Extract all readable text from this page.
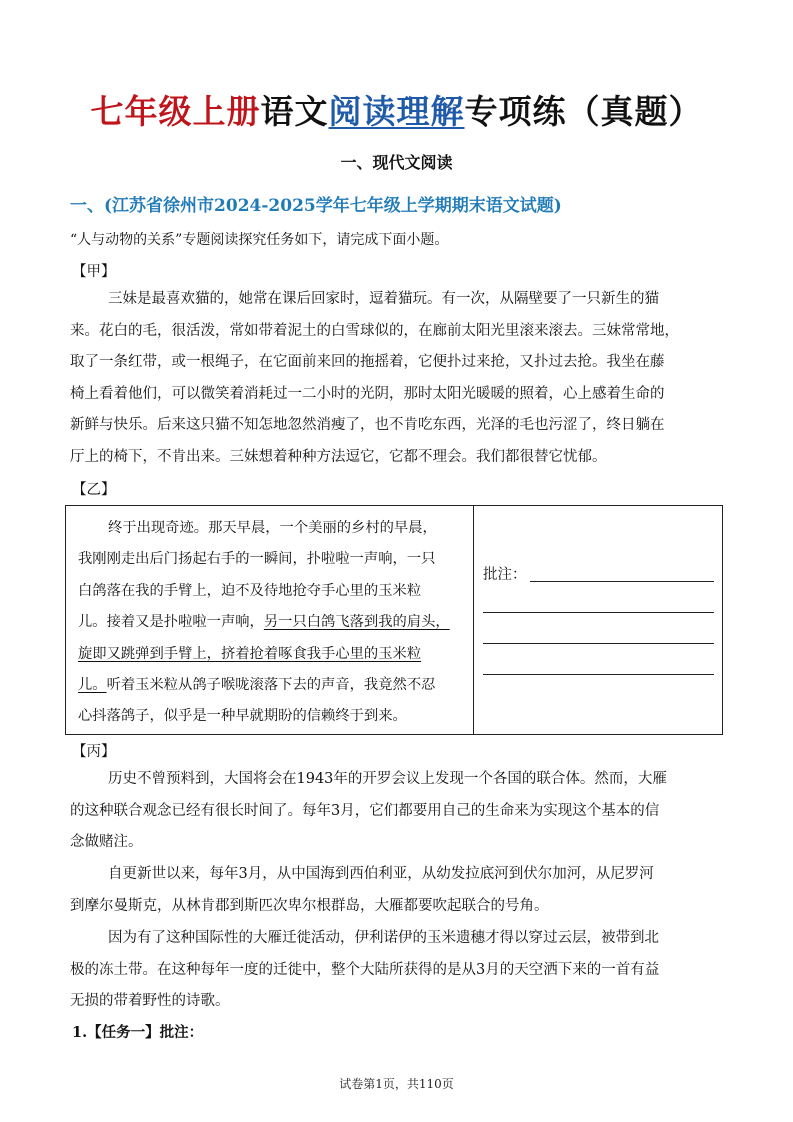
七年级上册语文阅读理解专项练（真题）
一、现代文阅读
一、(江苏省徐州市2024-2025学年七年级上学期期末语文试题)
“人与动物的关系”专题阅读探究任务如下，请完成下面小题。
【甲】
三妹是最喜欢猫的，她常在课后回家时，逗着猫玩。有一次，从隔壁要了一只新生的猫
来。花白的毛，很活泼，常如带着泥土的白雪球似的，在廊前太阳光里滚来滚去。三妹常常地，
取了一条红带，或一根绳子，在它面前来回的拖摇着，它便扑过来抢，又扑过去抢。我坐在藤
椅上看着他们，可以微笑着消耗过一二小时的光阴，那时太阳光暖暖的照着，心上感着生命的
新鲜与快乐。后来这只猫不知怎地忽然消瘦了，也不肯吃东西，光泽的毛也污涩了，终日躺在
厅上的椅下，不肯出来。三妹想着种种方法逗它，它都不理会。我们都很替它忧郁。
【乙】
终于出现奇迹。那天早晨，一个美丽的乡村的早晨，
我刚刚走出后门扬起右手的一瞬间，扑啦啦一声响，一只
白鸽落在我的手臂上，迫不及待地抢夺手心里的玉米粒
儿。接着又是扑啦啦一声响，另一只白鸽飞落到我的肩头，
旋即又跳弹到手臂上，挤着抢着啄食我手心里的玉米粒
儿。听着玉米粒从鸽子喉咙滚落下去的声音，我竟然不忍
心抖落鸽子，似乎是一种早就期盼的信赖终于到来。
批注：
【丙】
历史不曾预料到，大国将会在1943年的开罗会议上发现一个各国的联合体。然而，大雁
的这种联合观念已经有很长时间了。每年3月，它们都要用自己的生命来为实现这个基本的信
念做赌注。
自更新世以来，每年3月，从中国海到西伯利亚，从幼发拉底河到伏尔加河，从尼罗河
到摩尔曼斯克，从林肯郡到斯匹次卑尔根群岛，大雁都要吹起联合的号角。
因为有了这种国际性的大雁迁徙活动，伊利诺伊的玉米遗穗才得以穿过云层，被带到北
极的冻土带。在这种每年一度的迁徙中，整个大陆所获得的是从3月的天空洒下来的一首有益
无损的带着野性的诗歌。
1.【任务一】批注：
试卷第1页，共110页
